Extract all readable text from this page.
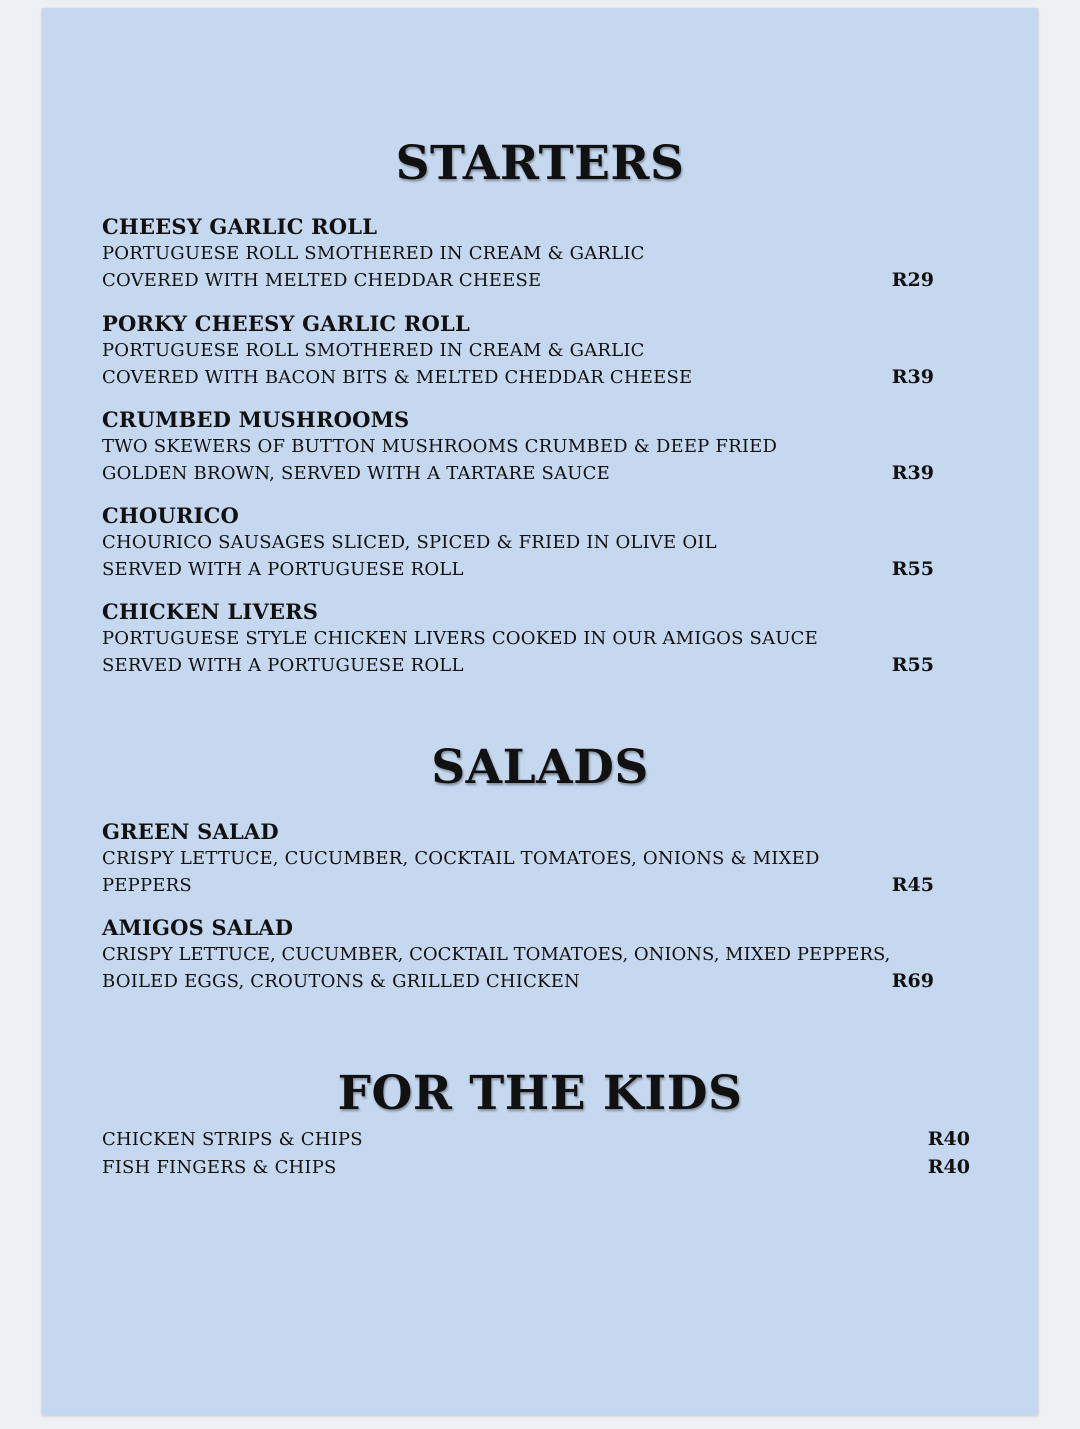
STARTERS
CHEESY GARLIC ROLL
PORTUGUESE ROLL SMOTHERED IN CREAM & GARLIC
COVERED WITH MELTED CHEDDAR CHEESE	R29
PORKY CHEESY GARLIC ROLL
PORTUGUESE ROLL SMOTHERED IN CREAM & GARLIC
COVERED WITH BACON BITS & MELTED CHEDDAR CHEESE	R39
CRUMBED MUSHROOMS
TWO SKEWERS OF BUTTON MUSHROOMS CRUMBED & DEEP FRIED
GOLDEN BROWN, SERVED WITH A TARTARE SAUCE	R39
CHOURICO
CHOURICO SAUSAGES SLICED, SPICED & FRIED IN OLIVE OIL
SERVED WITH A PORTUGUESE ROLL	R55
CHICKEN LIVERS
PORTUGUESE STYLE CHICKEN LIVERS COOKED IN OUR AMIGOS SAUCE
SERVED WITH A PORTUGUESE ROLL	R55
SALADS
GREEN SALAD
CRISPY LETTUCE, CUCUMBER, COCKTAIL TOMATOES, ONIONS & MIXED
PEPPERS	R45
AMIGOS SALAD
CRISPY LETTUCE, CUCUMBER, COCKTAIL TOMATOES, ONIONS, MIXED PEPPERS,
BOILED EGGS, CROUTONS & GRILLED CHICKEN	R69
FOR THE KIDS
CHICKEN STRIPS & CHIPS	R40
FISH FINGERS & CHIPS	R40
